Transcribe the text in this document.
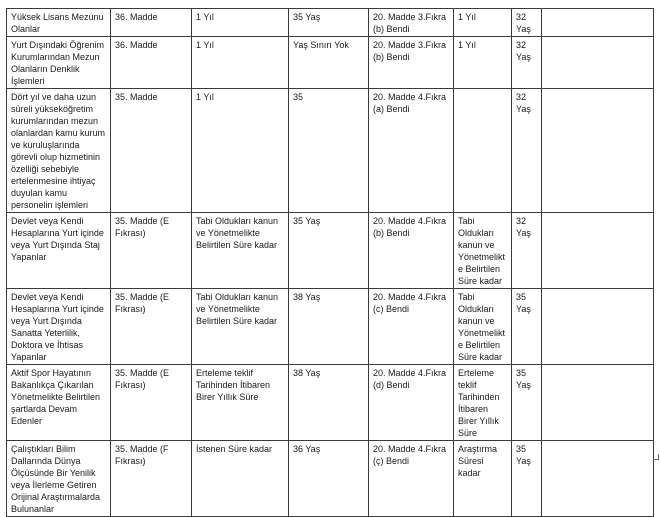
Yüksek Lisans Mezunu Olanlar	36. Madde	1 Yıl	35 Yaş	20. Madde 3.Fıkra (b) Bendi	1 Yıl	32 Yaş	
Yurt Dışındaki Öğrenim Kurumlarından Mezun Olanların Denklik İşlemleri	36. Madde	1 Yıl	Yaş Sınırı Yok	20. Madde 3.Fıkra (b) Bendi	1 Yıl	32 Yaş	
Dört yıl ve daha uzun süreli yükseköğretim kurumlarından mezun olanlardan kamu kurum ve kuruluşlarında görevli olup hizmetinin özelliği sebebiyle ertelenmesine ihtiyaç duyulan kamu personelin işlemleri	35. Madde	1 Yıl	35	20. Madde 4.Fıkra (a) Bendi		32 Yaş	
Devlet veya Kendi Hesaplarına Yurt içinde veya Yurt Dışında Staj Yapanlar	35. Madde (E Fıkrası)	Tabi Oldukları kanun ve Yönetmelikte Belirtilen Süre kadar	35 Yaş	20. Madde 4.Fıkra (b) Bendi	Tabi Oldukları kanun ve Yönetmelikte Belirtilen Süre kadar	32 Yaş	
Devlet veya Kendi Hesaplarına Yurt içinde veya Yurt Dışında Sanatta Yeterlilik, Doktora ve İhtisas Yapanlar	35. Madde (E Fıkrası)	Tabi Oldukları kanun ve Yönetmelikte Belirtilen Süre kadar	38 Yaş	20. Madde 4.Fıkra (c) Bendi	Tabi Oldukları kanun ve Yönetmelikte Belirtilen Süre kadar	35 Yaş	
Aktif Spor Hayatının Bakanlıkça Çıkarılan Yönetmelikte Belirtilen şartlarda Devam Edenler	35. Madde (E Fıkrası)	Erteleme teklif Tarihinden İtibaren Birer Yıllık Süre	38 Yaş	20. Madde 4.Fıkra (d) Bendi	Erteleme teklif Tarihinden İtibaren Birer Yıllık Süre	35 Yaş	
Çalıştıkları Bilim Dallarında Dünya Ölçüsünde Bir Yenilik veya İlerleme Getiren Orijinal Araştırmalarda Bulunanlar	35. Madde (F Fıkrası)	İstenen Süre kadar	36 Yaş	20. Madde 4.Fıkra (ç) Bendi	Araştırma Süresi kadar	35 Yaş	
